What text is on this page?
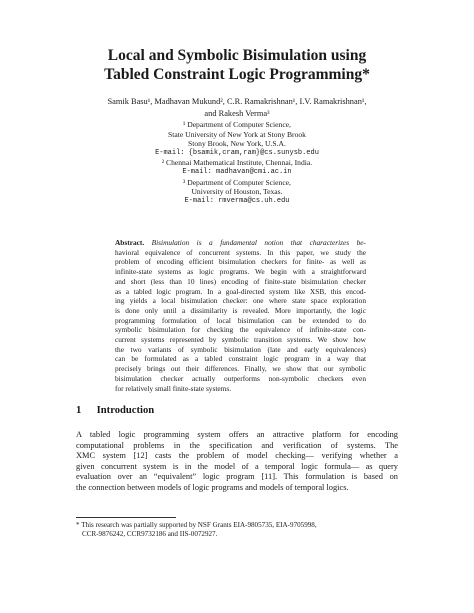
Local and Symbolic Bisimulation using
Tabled Constraint Logic Programming*
Samik Basu¹, Madhavan Mukund², C.R. Ramakrishnan¹, I.V. Ramakrishnan¹,
and Rakesh Verma³
¹ Department of Computer Science,
State University of New York at Stony Brook
Stony Brook, New York, U.S.A.
E-mail: {bsamik,cram,ram}@cs.sunysb.edu
² Chennai Mathematical Institute, Chennai, India.
E-mail: madhavan@cmi.ac.in
³ Department of Computer Science,
University of Houston, Texas.
E-mail: rmverma@cs.uh.edu
Abstract. Bisimulation is a fundamental notion that characterizes be-
havioral equivalence of concurrent systems. In this paper, we study the
problem of encoding efficient bisimulation checkers for finite- as well as
infinite-state systems as logic programs. We begin with a straightforward
and short (less than 10 lines) encoding of finite-state bisimulation checker
as a tabled logic program. In a goal-directed system like XSB, this encod-
ing yields a local bisimulation checker: one where state space exploration
is done only until a dissimilarity is revealed. More importantly, the logic
programming formulation of local bisimulation can be extended to do
symbolic bisimulation for checking the equivalence of infinite-state con-
current systems represented by symbolic transition systems. We show how
the two variants of symbolic bisimulation (late and early equivalences)
can be formulated as a tabled constraint logic program in a way that
precisely brings out their differences. Finally, we show that our symbolic
bisimulation checker actually outperforms non-symbolic checkers even
for relatively small finite-state systems.
1 Introduction
A tabled logic programming system offers an attractive platform for encoding
computational problems in the specification and verification of systems. The
XMC system [12] casts the problem of model checking— verifying whether a
given concurrent system is in the model of a temporal logic formula— as query
evaluation over an “equivalent” logic program [11]. This formulation is based on
the connection between models of logic programs and models of temporal logics.
* This research was partially supported by NSF Grants EIA-9805735, EIA-9705998,
CCR-9876242, CCR9732186 and IIS-0072927.
